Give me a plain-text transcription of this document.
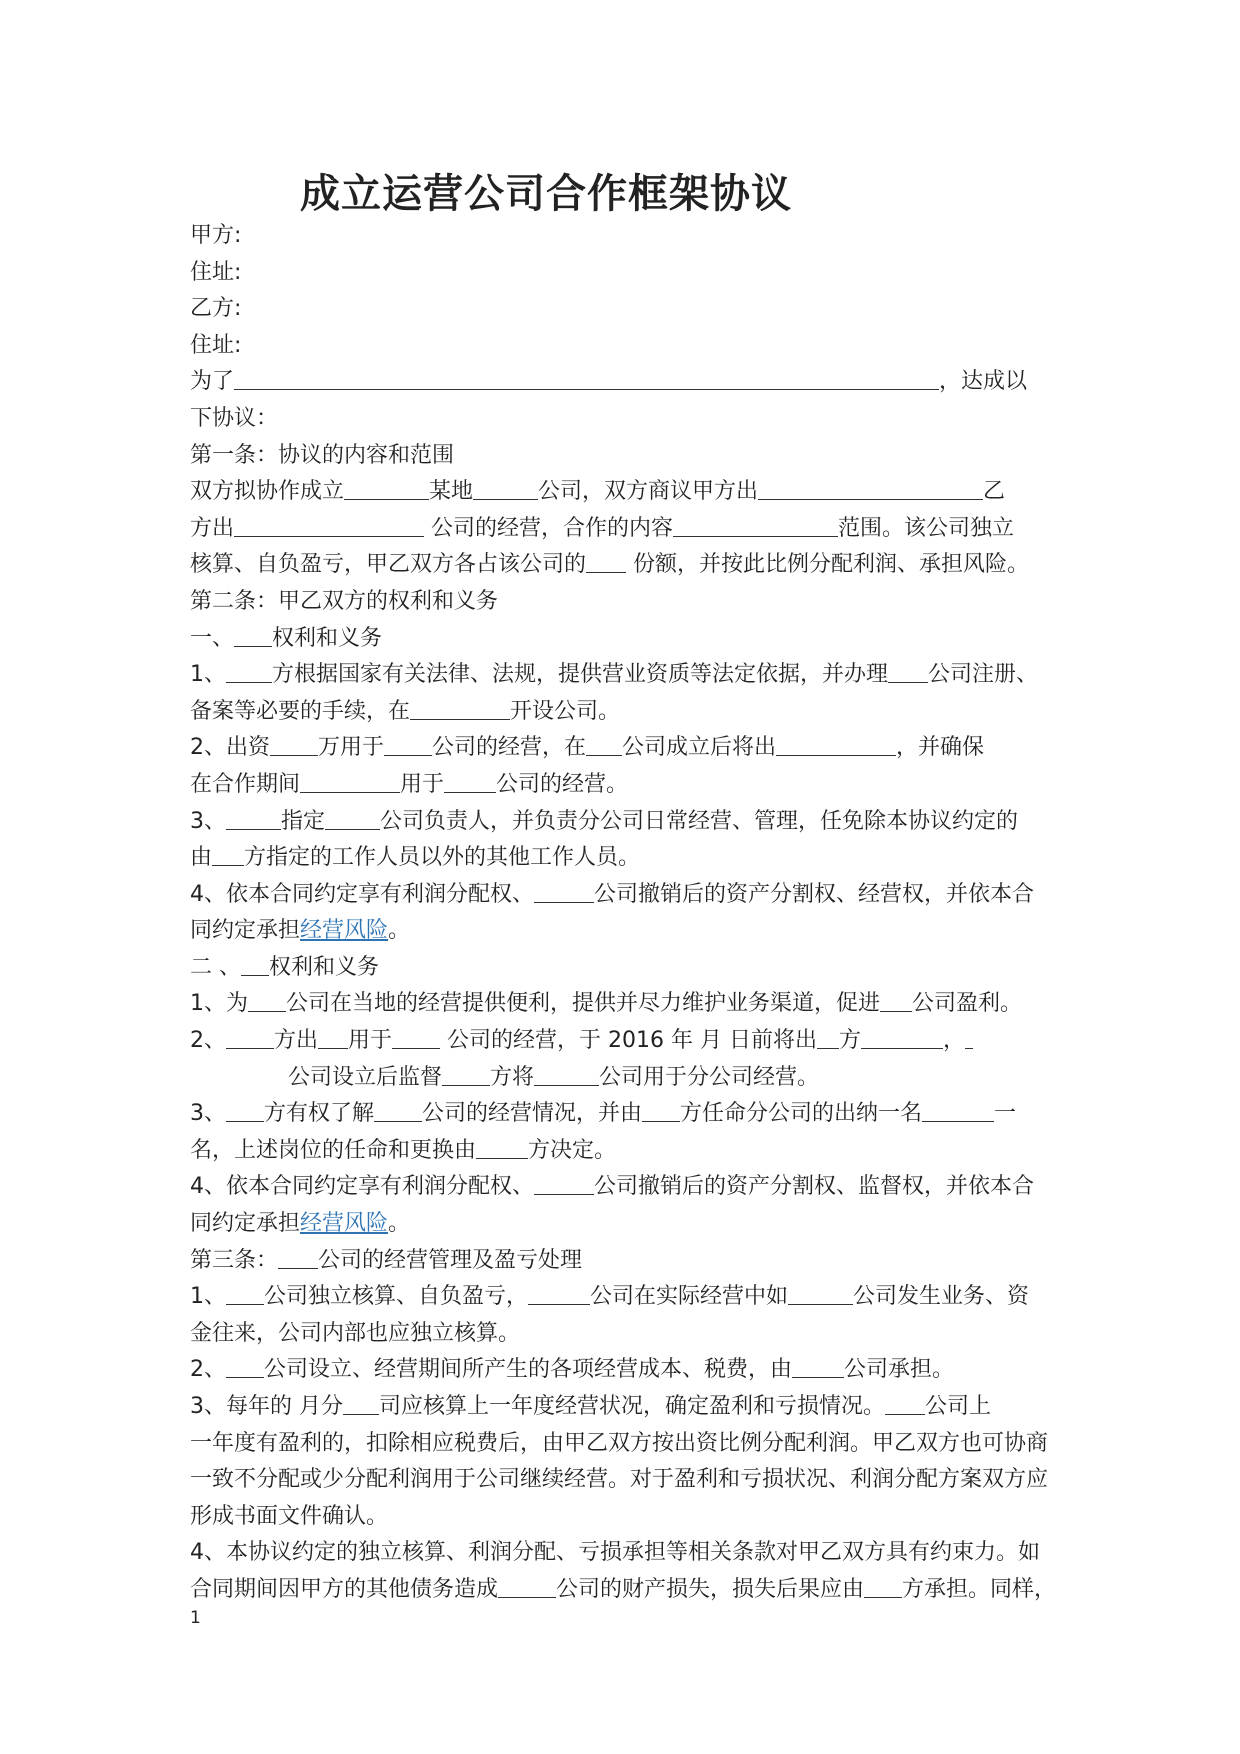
成立运营公司合作框架协议
甲方:
住址:
乙方:
住址:
为了	，达成以
下协议：
第一条：协议的内容和范围
双方拟协作成立	某地	公司，双方商议甲方出	乙
方出	公司的经营，合作的内容	范围。该公司独立
核算、自负盈亏，甲乙双方各占该公司的 份额，并按此比例分配利润、承担风险。
第二条：甲乙双方的权利和义务
一、 权利和义务
1、 方根据国家有关法律、法规，提供营业资质等法定依据，并办理 公司注册、
备案等必要的手续，在	开设公司。
2、出资 万用于 公司的经营，在 公司成立后将出	，并确保
在合作期间	用于 公司的经营。
3、	指定	公司负责人，并负责分公司日常经营、管理，任免除本协议约定的
由 方指定的工作人员以外的其他工作人员。
4、依本合同约定享有利润分配权、	公司撤销后的资产分割权、经营权，并依本合
同约定承担经营风险。
二 、 权利和义务
1、为 公司在当地的经营提供便利，提供并尽力维护业务渠道，促进 公司盈利。
2、 方出 用于 公司的经营，于 2016 年 月 日前将出 方	，
公司设立后监督 方将	公司用于分公司经营。
3、 方有权了解 公司的经营情况，并由 方任命分公司的出纳一名	一
名，上述岗位的任命和更换由 方决定。
4、依本合同约定享有利润分配权、	公司撤销后的资产分割权、监督权，并依本合
同约定承担经营风险。
第三条： 公司的经营管理及盈亏处理
1、 公司独立核算、自负盈亏，	公司在实际经营中如	公司发生业务、资
金往来，公司内部也应独立核算。
2、 公司设立、经营期间所产生的各项经营成本、税费，由 公司承担。
3、每年的 月分 司应核算上一年度经营状况，确定盈利和亏损情况。 公司上
一年度有盈利的，扣除相应税费后，由甲乙双方按出资比例分配利润。甲乙双方也可协商
一致不分配或少分配利润用于公司继续经营。对于盈利和亏损状况、利润分配方案双方应
形成书面文件确认。
4、本协议约定的独立核算、利润分配、亏损承担等相关条款对甲乙双方具有约束力。如
合同期间因甲方的其他债务造成	公司的财产损失，损失后果应由 方承担。同样，
1
